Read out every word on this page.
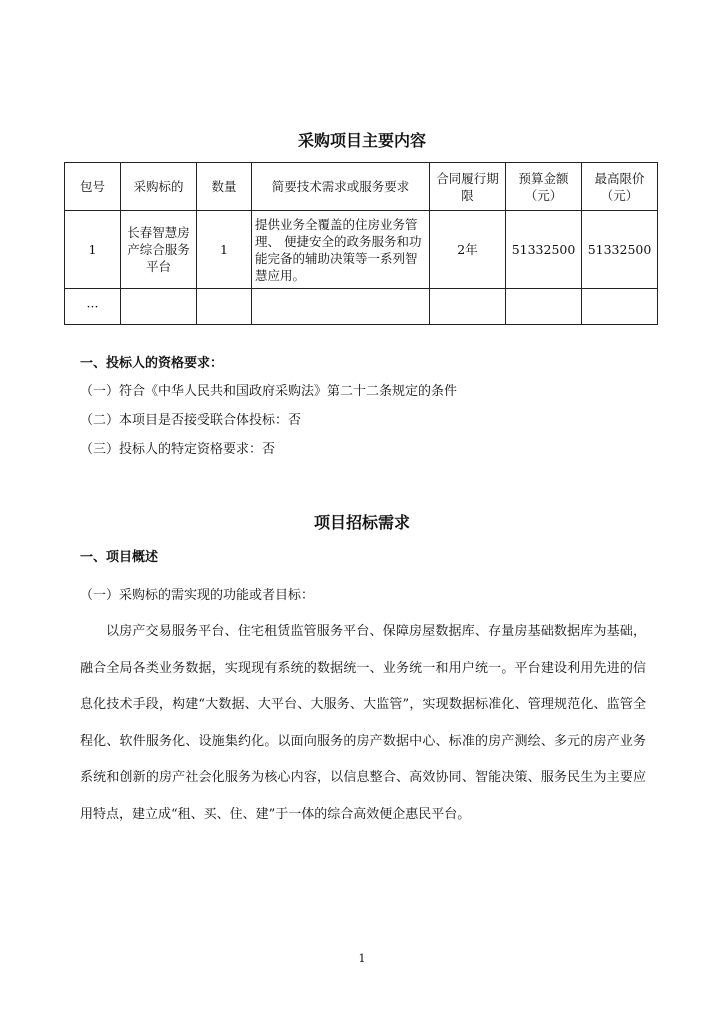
采购项目主要内容
包号	采购标的	数量	简要技术需求或服务要求	合同履行期限	预算金额（元）	最高限价（元）
1	长春智慧房产综合服务平台	1	提供业务全覆盖的住房业务管理、 便捷安全的政务服务和功能完备的辅助决策等一系列智慧应用。	2年	51332500	51332500
···						
一、投标人的资格要求：
（一）符合《中华人民共和国政府采购法》第二十二条规定的条件
（二）本项目是否接受联合体投标：否
（三）投标人的特定资格要求：否
项目招标需求
一、项目概述
（一）采购标的需实现的功能或者目标：

以房产交易服务平台、住宅租赁监管服务平台、保障房屋数据库、存量房基础数据库为基础，融合全局各类业务数据，实现现有系统的数据统一、业务统一和用户统一。平台建设利用先进的信息化技术手段，构建“大数据、大平台、大服务、大监管”，实现数据标准化、管理规范化、监管全程化、软件服务化、设施集约化。以面向服务的房产数据中心、标准的房产测绘、多元的房产业务系统和创新的房产社会化服务为核心内容，以信息整合、高效协同、智能决策、服务民生为主要应用特点，建立成“租、买、住、建”于一体的综合高效便企惠民平台。

1
